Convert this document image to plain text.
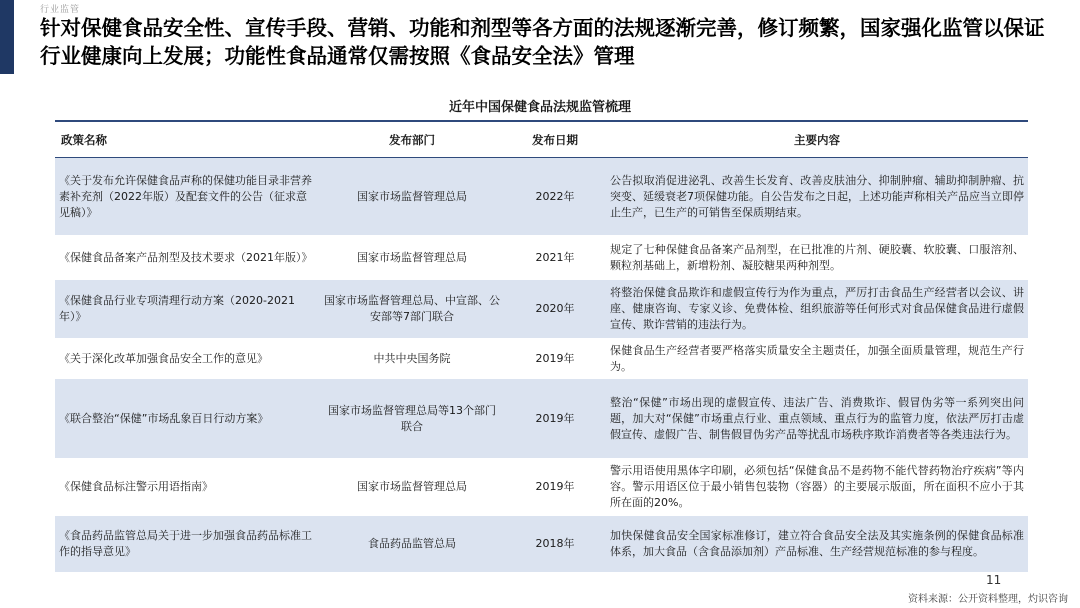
行业监管
针对保健食品安全性、宣传手段、营销、功能和剂型等各方面的法规逐渐完善，修订频繁，国家强化监管以保证行业健康向上发展；功能性食品通常仅需按照《食品安全法》管理
近年中国保健食品法规监管梳理
政策名称	发布部门	发布日期	主要内容
《关于发布允许保健食品声称的保健功能目录非营养素补充剂（2022年版）及配套文件的公告（征求意见稿）》	国家市场监督管理总局	2022年	公告拟取消促进泌乳、改善生长发育、改善皮肤油分、抑制肿瘤、辅助抑制肿瘤、抗突变、延缓衰老7项保健功能。自公告发布之日起，上述功能声称相关产品应当立即停止生产，已生产的可销售至保质期结束。
《保健食品备案产品剂型及技术要求（2021年版）》	国家市场监督管理总局	2021年	规定了七种保健食品备案产品剂型，在已批准的片剂、硬胶囊、软胶囊、口服溶剂、颗粒剂基础上，新增粉剂、凝胶糖果两种剂型。
《保健食品行业专项清理行动方案（2020-2021年）》	国家市场监督管理总局、中宣部、公安部等7部门联合	2020年	将整治保健食品欺诈和虚假宣传行为作为重点，严厉打击食品生产经营者以会议、讲座、健康咨询、专家义诊、免费体检、组织旅游等任何形式对食品保健食品进行虚假宣传、欺诈营销的违法行为。
《关于深化改革加强食品安全工作的意见》	中共中央国务院	2019年	保健食品生产经营者要严格落实质量安全主题责任，加强全面质量管理，规范生产行为。
《联合整治“保健”市场乱象百日行动方案》	国家市场监督管理总局等13个部门联合	2019年	整治“保健”市场出现的虚假宣传、违法广告、消费欺诈、假冒伪劣等一系列突出问题，加大对“保健”市场重点行业、重点领域、重点行为的监管力度，依法严厉打击虚假宣传、虚假广告、制售假冒伪劣产品等扰乱市场秩序欺诈消费者等各类违法行为。
《保健食品标注警示用语指南》	国家市场监督管理总局	2019年	警示用语使用黑体字印刷，必须包括“保健食品不是药物不能代替药物治疗疾病”等内容。警示用语区位于最小销售包装物（容器）的主要展示版面，所在面积不应小于其所在面的20%。
《食品药品监管总局关于进一步加强食品药品标准工作的指导意见》	食品药品监管总局	2018年	加快保健食品安全国家标准修订，建立符合食品安全法及其实施条例的保健食品标准体系，加大食品（含食品添加剂）产品标准、生产经营规范标准的参与程度。
11
资料来源：公开资料整理，灼识咨询
